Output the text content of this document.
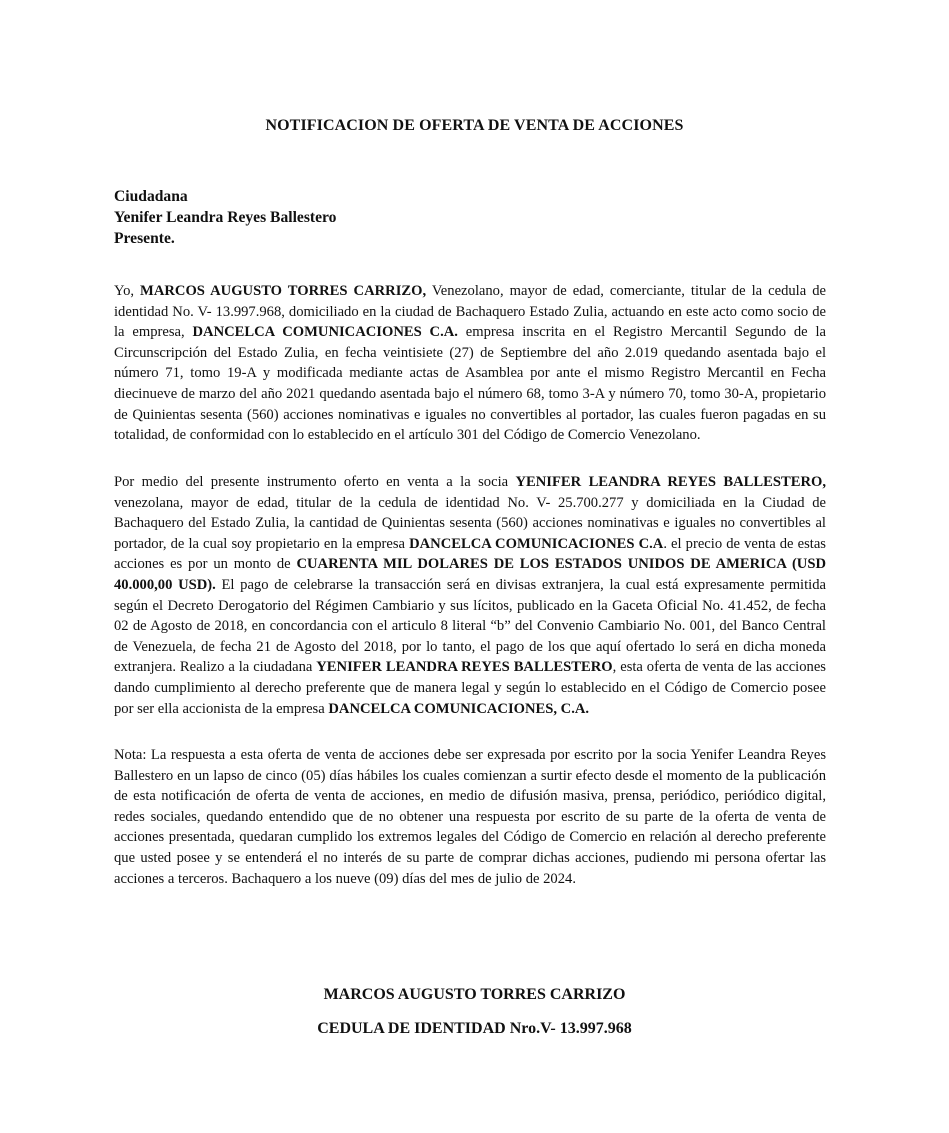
NOTIFICACION DE OFERTA DE VENTA DE ACCIONES
Ciudadana
Yenifer Leandra Reyes Ballestero
Presente.
Yo, MARCOS AUGUSTO TORRES CARRIZO, Venezolano, mayor de edad, comerciante, titular de la cedula de identidad No. V- 13.997.968, domiciliado en la ciudad de Bachaquero Estado Zulia, actuando en este acto como socio de la empresa, DANCELCA COMUNICACIONES C.A. empresa inscrita en el Registro Mercantil Segundo de la Circunscripción del Estado Zulia, en fecha veintisiete (27) de Septiembre del año 2.019 quedando asentada bajo el número 71, tomo 19-A y modificada mediante actas de Asamblea por ante el mismo Registro Mercantil en Fecha diecinueve de marzo del año 2021 quedando asentada bajo el número 68, tomo 3-A y número 70, tomo 30-A, propietario de Quinientas sesenta (560) acciones nominativas e iguales no convertibles al portador, las cuales fueron pagadas en su totalidad, de conformidad con lo establecido en el artículo 301 del Código de Comercio Venezolano.
Por medio del presente instrumento oferto en venta a la socia YENIFER LEANDRA REYES BALLESTERO, venezolana, mayor de edad, titular de la cedula de identidad No. V- 25.700.277 y domiciliada en la Ciudad de Bachaquero del Estado Zulia, la cantidad de Quinientas sesenta (560) acciones nominativas e iguales no convertibles al portador, de la cual soy propietario en la empresa DANCELCA COMUNICACIONES C.A. el precio de venta de estas acciones es por un monto de CUARENTA MIL DOLARES DE LOS ESTADOS UNIDOS DE AMERICA (USD 40.000,00 USD). El pago de celebrarse la transacción será en divisas extranjera, la cual está expresamente permitida según el Decreto Derogatorio del Régimen Cambiario y sus lícitos, publicado en la Gaceta Oficial No. 41.452, de fecha 02 de Agosto de 2018, en concordancia con el articulo 8 literal “b” del Convenio Cambiario No. 001, del Banco Central de Venezuela, de fecha 21 de Agosto del 2018, por lo tanto, el pago de los que aquí ofertado lo será en dicha moneda extranjera. Realizo a la ciudadana YENIFER LEANDRA REYES BALLESTERO, esta oferta de venta de las acciones dando cumplimiento al derecho preferente que de manera legal y según lo establecido en el Código de Comercio posee por ser ella accionista de la empresa DANCELCA COMUNICACIONES, C.A.
Nota: La respuesta a esta oferta de venta de acciones debe ser expresada por escrito por la socia Yenifer Leandra Reyes Ballestero en un lapso de cinco (05) días hábiles los cuales comienzan a surtir efecto desde el momento de la publicación de esta notificación de oferta de venta de acciones, en medio de difusión masiva, prensa, periódico, periódico digital, redes sociales, quedando entendido que de no obtener una respuesta por escrito de su parte de la oferta de venta de acciones presentada, quedaran cumplido los extremos legales del Código de Comercio en relación al derecho preferente que usted posee y se entenderá el no interés de su parte de comprar dichas acciones, pudiendo mi persona ofertar las acciones a terceros. Bachaquero a los nueve (09) días del mes de julio de 2024.
MARCOS AUGUSTO TORRES CARRIZO
CEDULA DE IDENTIDAD Nro.V- 13.997.968
